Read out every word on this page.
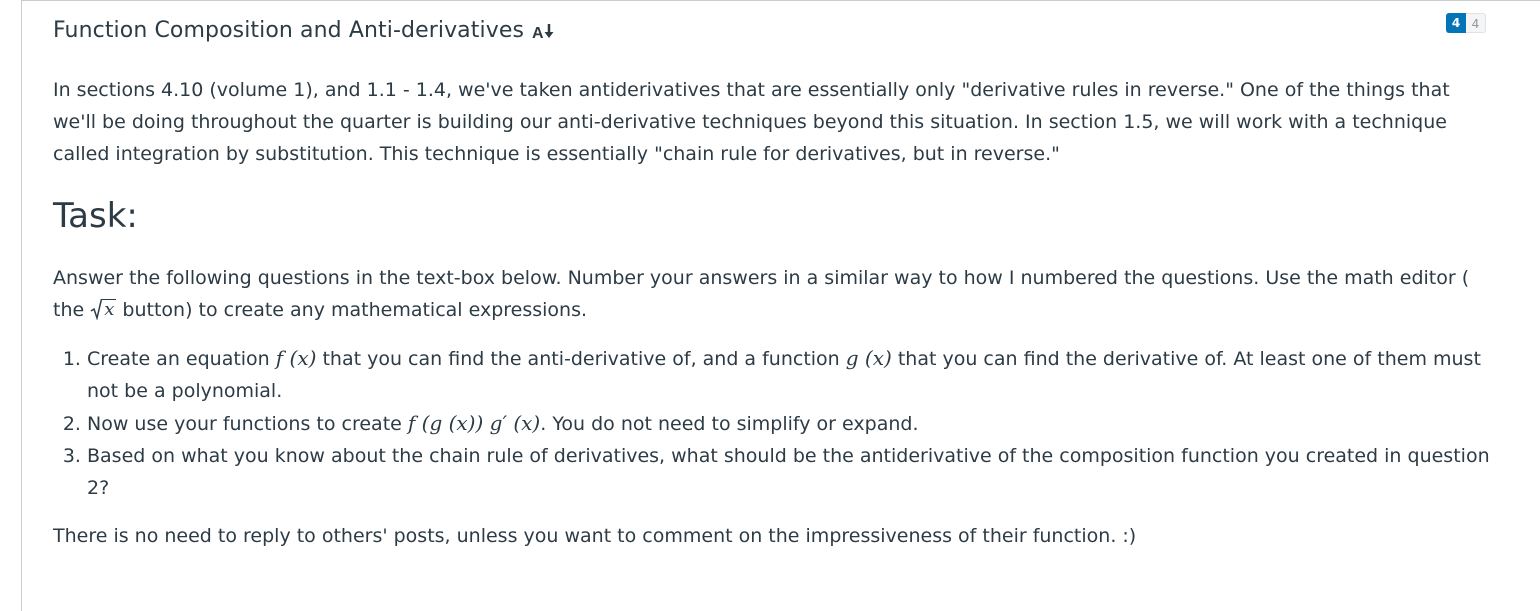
Function Composition and Anti-derivatives A
4 4

In sections 4.10 (volume 1), and 1.1 - 1.4, we've taken antiderivatives that are essentially only "derivative rules in reverse." One of the things that we'll be doing throughout the quarter is building our anti-derivative techniques beyond this situation. In section 1.5, we will work with a technique called integration by substitution. This technique is essentially "chain rule for derivatives, but in reverse."

Task:

Answer the following questions in the text-box below. Number your answers in a similar way to how I numbered the questions. Use the math editor ( the x button) to create any mathematical expressions.

1. Create an equation f (x) that you can find the anti-derivative of, and a function g (x) that you can find the derivative of. At least one of them must not be a polynomial.
2. Now use your functions to create f (g (x)) g′ (x). You do not need to simplify or expand.
3. Based on what you know about the chain rule of derivatives, what should be the antiderivative of the composition function you created in question 2?

There is no need to reply to others' posts, unless you want to comment on the impressiveness of their function. :)
